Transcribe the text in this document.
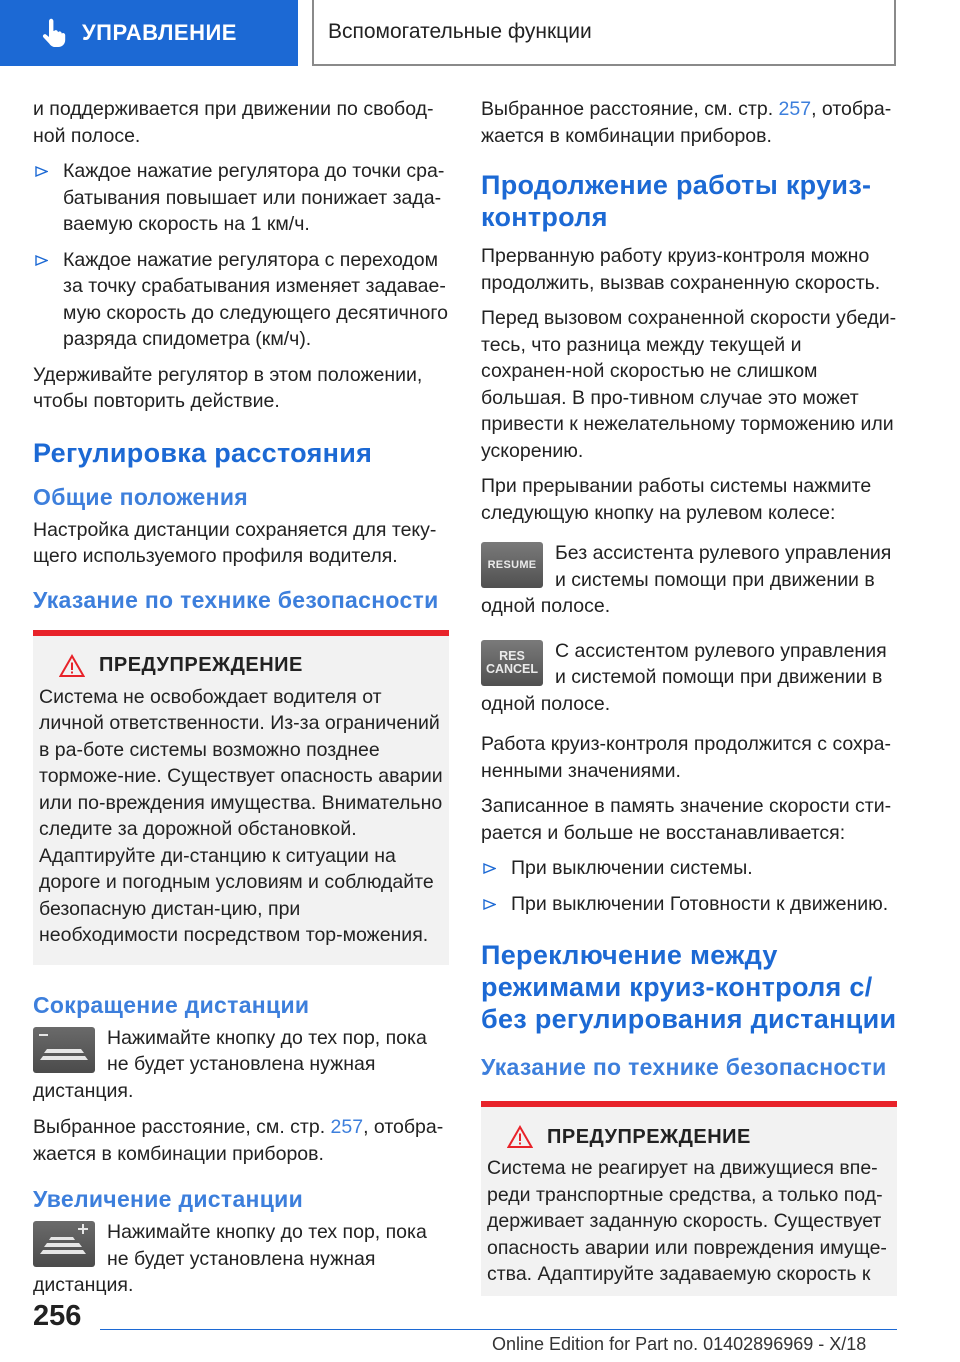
УПРАВЛЕНИЕ	Вспомогательные функции

и поддерживается при движении по свобод-ной полосе.

Каждое нажатие регулятора до точки сра-батывания повышает или понижает зада-ваемую скорость на 1 км/ч.
Каждое нажатие регулятора с переходом за точку срабатывания изменяет задавае-мую скорость до следующего десятичного разряда спидометра (км/ч).

Удерживайте регулятор в этом положении, чтобы повторить действие.

Регулировка расстояния
Общие положения

Настройка дистанции сохраняется для теку-щего используемого профиля водителя.

Указание по технике безопасности
ПРЕДУПРЕЖДЕНИЕ
Система не освобождает водителя от личной ответственности. Из-за ограничений в ра-боте системы возможно позднее торможе-ние. Существует опасность аварии или по-вреждения имущества. Внимательно следите за дорожной обстановкой. Адаптируйте ди-станцию к ситуации на дороге и погодным условиям и соблюдайте безопасную дистан-цию, при необходимости посредством тор-можения.
Сокращение дистанции
Нажимайте кнопку до тех пор, пока не будет установлена нужная дистанция.

Выбранное расстояние, см. стр. 257, отобра-жается в комбинации приборов.

Увеличение дистанции
Нажимайте кнопку до тех пор, пока не будет установлена нужная дистанция.

Выбранное расстояние, см. стр. 257, отобра-жается в комбинации приборов.

Продолжение работы круиз-контроля

Прерванную работу круиз-контроля можно продолжить, вызвав сохраненную скорость.

Перед вызовом сохраненной скорости убеди-тесь, что разница между текущей и сохранен-ной скоростью не слишком большая. В про-тивном случае это может привести к нежелательному торможению или ускорению.

При прерывании работы системы нажмите следующую кнопку на рулевом колесе:

RESUME
Без ассистента рулевого управления и системы помощи при движении в одной полосе.
RES
CANCEL
С ассистентом рулевого управления и системой помощи при движении в одной полосе.

Работа круиз-контроля продолжится с сохра-ненными значениями.

Записанное в память значение скорости сти-рается и больше не восстанавливается:

При выключении системы.
При выключении Готовности к движению.
Переключение между режимами круиз-контроля с/без регулирования дистанции
Указание по технике безопасности
ПРЕДУПРЕЖДЕНИЕ
Система не реагирует на движущиеся впе-реди транспортные средства, а только под-держивает заданную скорость. Существует опасность аварии или повреждения имуще-ства. Адаптируйте задаваемую скорость к
256
Online Edition for Part no. 01402896969 - X/18
